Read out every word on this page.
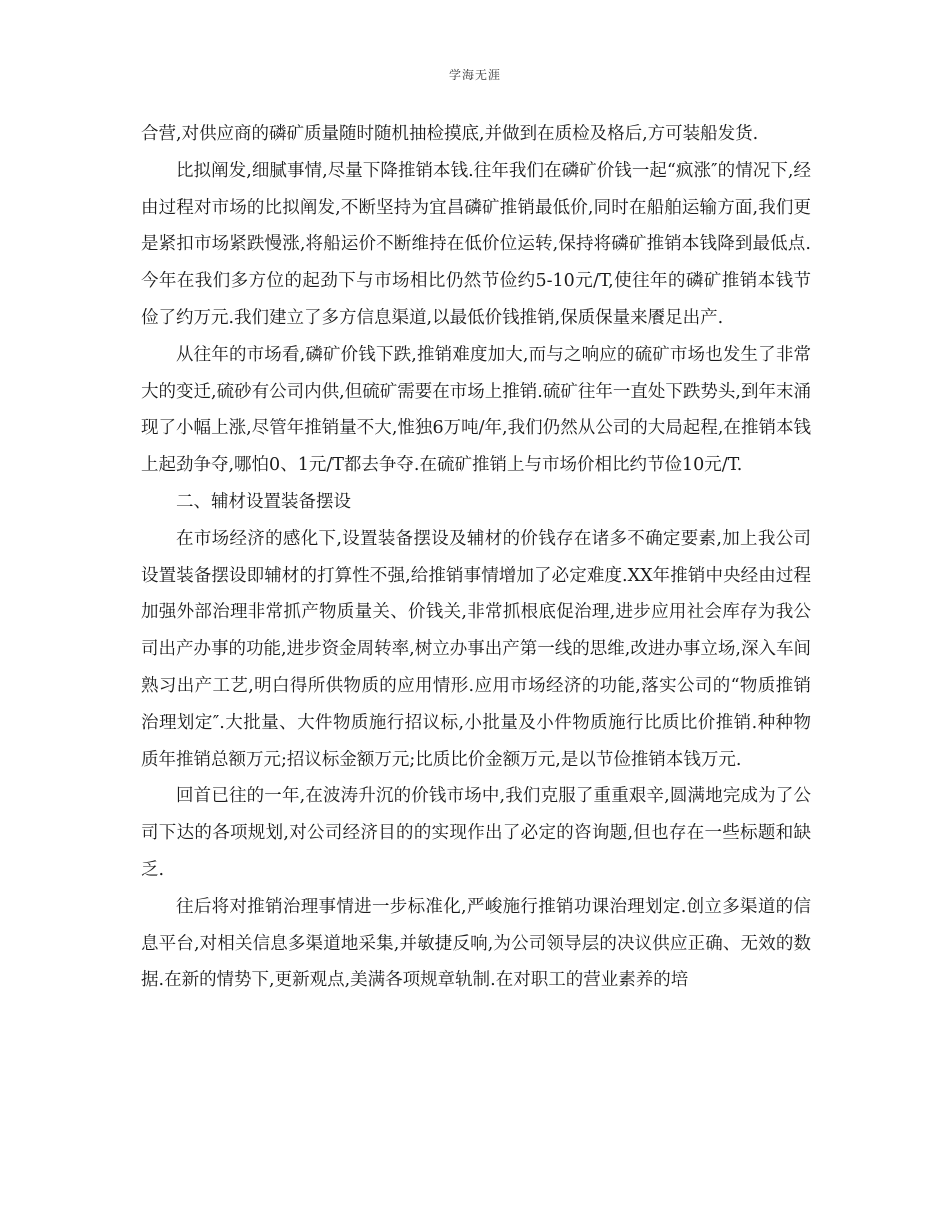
学海无涯

合营,对供应商的磷矿质量随时随机抽检摸底,并做到在质检及格后,方可装船发货.

比拟阐发,细腻事情,尽量下降推销本钱.往年我们在磷矿价钱一起“疯涨″的情况下,经由过程对市场的比拟阐发,不断坚持为宜昌磷矿推销最低价,同时在船舶运输方面,我们更是紧扣市场紧跌慢涨,将船运价不断维持在低价位运转,保持将磷矿推销本钱降到最低点.今年在我们多方位的起劲下与市场相比仍然节俭约5-10元/T,使往年的磷矿推销本钱节俭了约万元.我们建立了多方信息渠道,以最低价钱推销,保质保量来餍足出产.

从往年的市场看,磷矿价钱下跌,推销难度加大,而与之响应的硫矿市场也发生了非常大的变迁,硫砂有公司内供,但硫矿需要在市场上推销.硫矿往年一直处下跌势头,到年末涌现了小幅上涨,尽管年推销量不大,惟独6万吨/年,我们仍然从公司的大局起程,在推销本钱上起劲争夺,哪怕0、1元/T都去争夺.在硫矿推销上与市场价相比约节俭10元/T.

二、辅材设置装备摆设

在市场经济的感化下,设置装备摆设及辅材的价钱存在诸多不确定要素,加上我公司设置装备摆设即辅材的打算性不强,给推销事情增加了必定难度.XX年推销中央经由过程加强外部治理非常抓产物质量关、价钱关,非常抓根底促治理,进步应用社会库存为我公司出产办事的功能,进步资金周转率,树立办事出产第一线的思维,改进办事立场,深入车间熟习出产工艺,明白得所供物质的应用情形.应用市场经济的功能,落实公司的“物质推销治理划定″.大批量、大件物质施行招议标,小批量及小件物质施行比质比价推销.种种物质年推销总额万元;招议标金额万元;比质比价金额万元,是以节俭推销本钱万元.

回首已往的一年,在波涛升沉的价钱市场中,我们克服了重重艰辛,圆满地完成为了公司下达的各项规划,对公司经济目的的实现作出了必定的咨询题,但也存在一些标题和缺乏.

往后将对推销治理事情进一步标准化,严峻施行推销功课治理划定.创立多渠道的信息平台,对相关信息多渠道地采集,并敏捷反响,为公司领导层的决议供应正确、无效的数据.在新的情势下,更新观点,美满各项规章轨制.在对职工的营业素养的培
